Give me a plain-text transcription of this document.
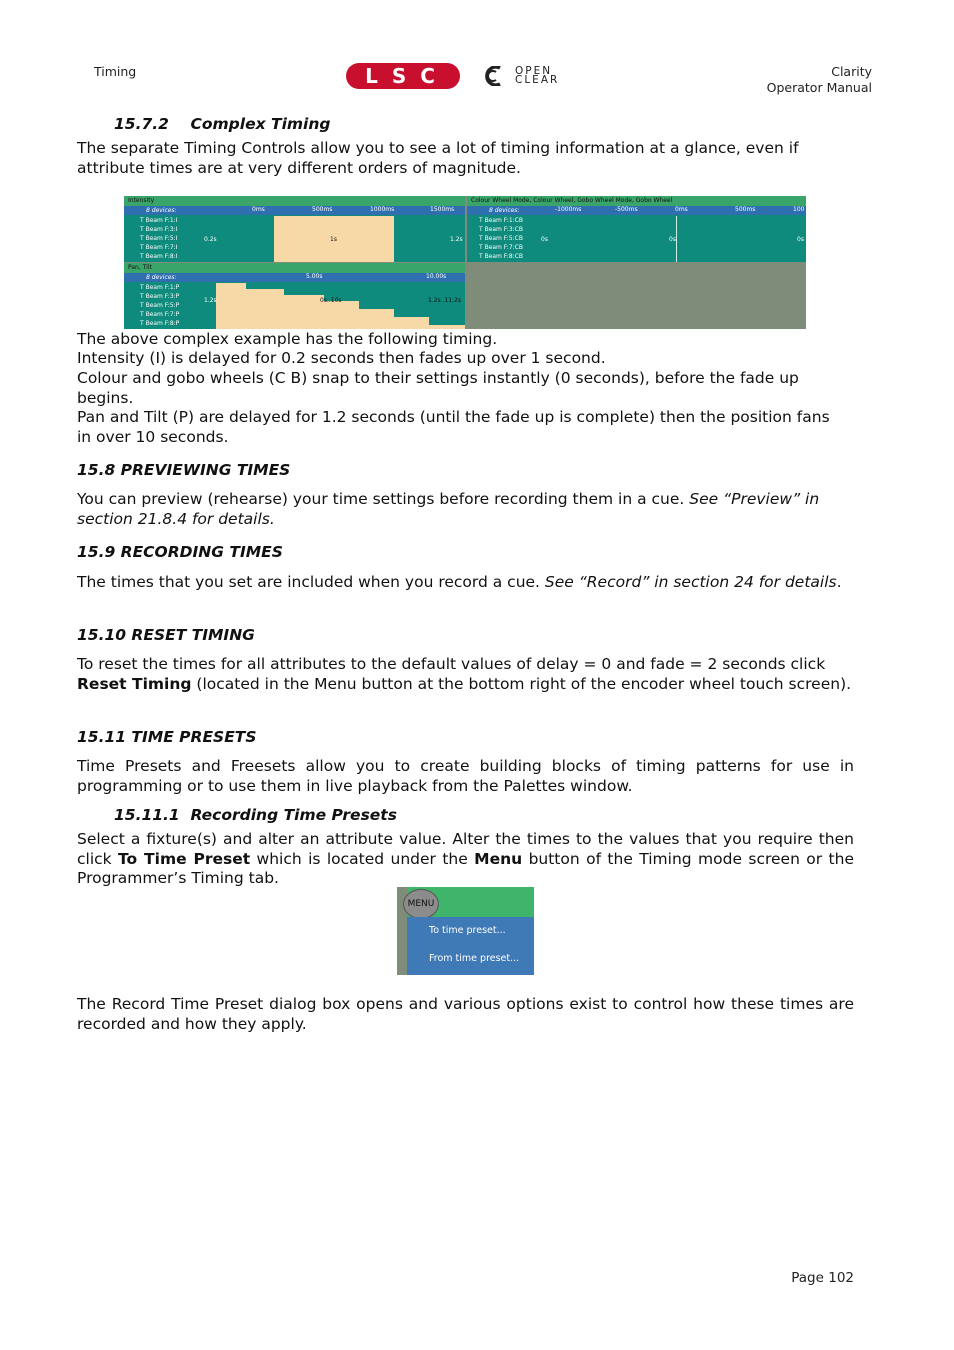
Timing	LSC	OPEN
CLEAR
Clarity
Operator Manual
15.7.2    Complex Timing
The separate Timing Controls allow you to see a lot of timing information at a glance, even if attribute times are at very different orders of magnitude.
Intensity
8 devices:	0ms	500ms	1000ms	1500ms
T Beam F:1:I
T Beam F:3:I
T Beam F:5:I
T Beam F:7:I
T Beam F:8:I
0.2s	1s	1.2s
Colour Wheel Mode, Colour Wheel, Gobo Wheel Mode, Gobo Wheel
8 devices:	-1000ms	-500ms	0ms	500ms	100
T Beam F:1:CB
T Beam F:3:CB
T Beam F:5:CB
T Beam F:7:CB
T Beam F:8:CB
0s	0s	0s
Pan, Tilt
8 devices:	5.00s	10.00s
T Beam F:1:P
T Beam F:3:P
T Beam F:5:P
T Beam F:7:P
T Beam F:8:P
1.2s	0s..10s	1.2s..11.2s
The above complex example has the following timing.
Intensity (I) is delayed for 0.2 seconds then fades up over 1 second.
Colour and gobo wheels (C B) snap to their settings instantly (0 seconds), before the fade up begins.
Pan and Tilt (P) are delayed for 1.2 seconds (until the fade up is complete) then the position fans in over 10 seconds.
15.8 PREVIEWING TIMES
You can preview (rehearse) your time settings before recording them in a cue. See “Preview” in section 21.8.4 for details.
15.9 RECORDING TIMES
The times that you set are included when you record a cue. See “Record” in section 24 for details.
15.10 RESET TIMING
To reset the times for all attributes to the default values of delay = 0 and fade = 2 seconds click Reset Timing (located in the Menu button at the bottom right of the encoder wheel touch screen).
15.11 TIME PRESETS
Time Presets and Freesets allow you to create building blocks of timing patterns for use in programming or to use them in live playback from the Palettes window.
15.11.1  Recording Time Presets
Select a fixture(s) and alter an attribute value. Alter the times to the values that you require then click To Time Preset which is located under the Menu button of the Timing mode screen or the Programmer’s Timing tab.
MENU
To time preset...
From time preset...
The Record Time Preset dialog box opens and various options exist to control how these times are recorded and how they apply.
Page 102
